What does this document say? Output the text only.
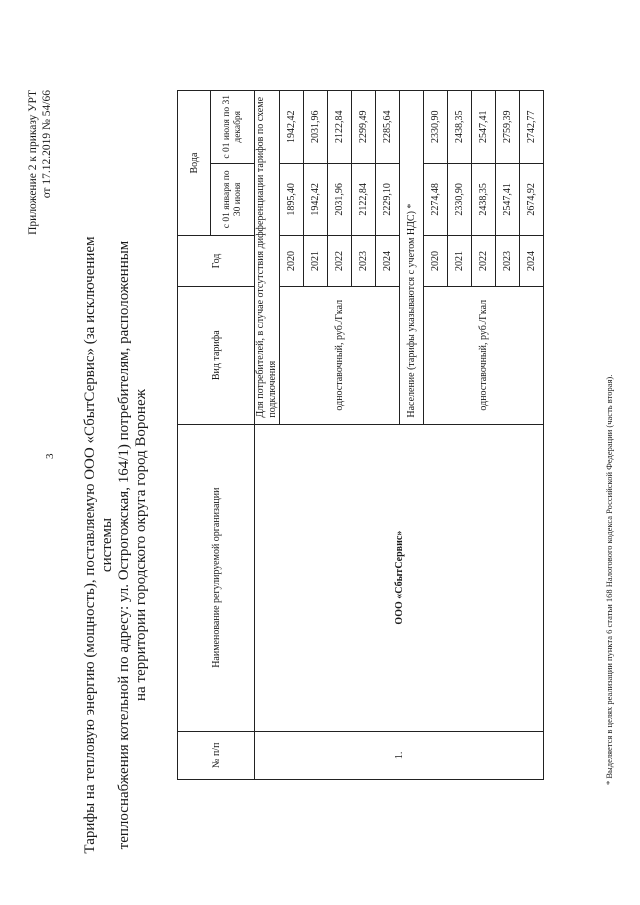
3
Приложение 2 к приказу УРТ от 17.12.2019 № 54/66
Тарифы на тепловую энергию (мощность), поставляемую ООО «СбытСервис» (за исключением системы теплоснабжения котельной по адресу: ул. Острогожская, 164/1) потребителям, расположенным на территории городского округа город Воронеж
№ п/п	Наименование регулируемой организации	Вид тарифа	Год	Вода	
				с 01 января по 30 июня	с 01 июля по 31 декабря
1.	ООО «СбытСервис»	Для потребителей, в случае отсутствия дифференциации тарифов по схеме подключения			
		одноставочный, руб./Гкал	2020	1895,40	1942,42
			2021	1942,42	2031,96
			2022	2031,96	2122,84
			2023	2122,84	2299,49
			2024	2229,10	2285,64
		Население (тарифы указываются с учетом НДС) *			
		одноставочный, руб./Гкал	2020	2274,48	2330,90
			2021	2330,90	2438,35
			2022	2438,35	2547,41
			2023	2547,41	2759,39
			2024	2674,92	2742,77
* Выделяется в целях реализации пункта 6 статьи 168 Налогового кодекса Российской Федерации (часть вторая).
